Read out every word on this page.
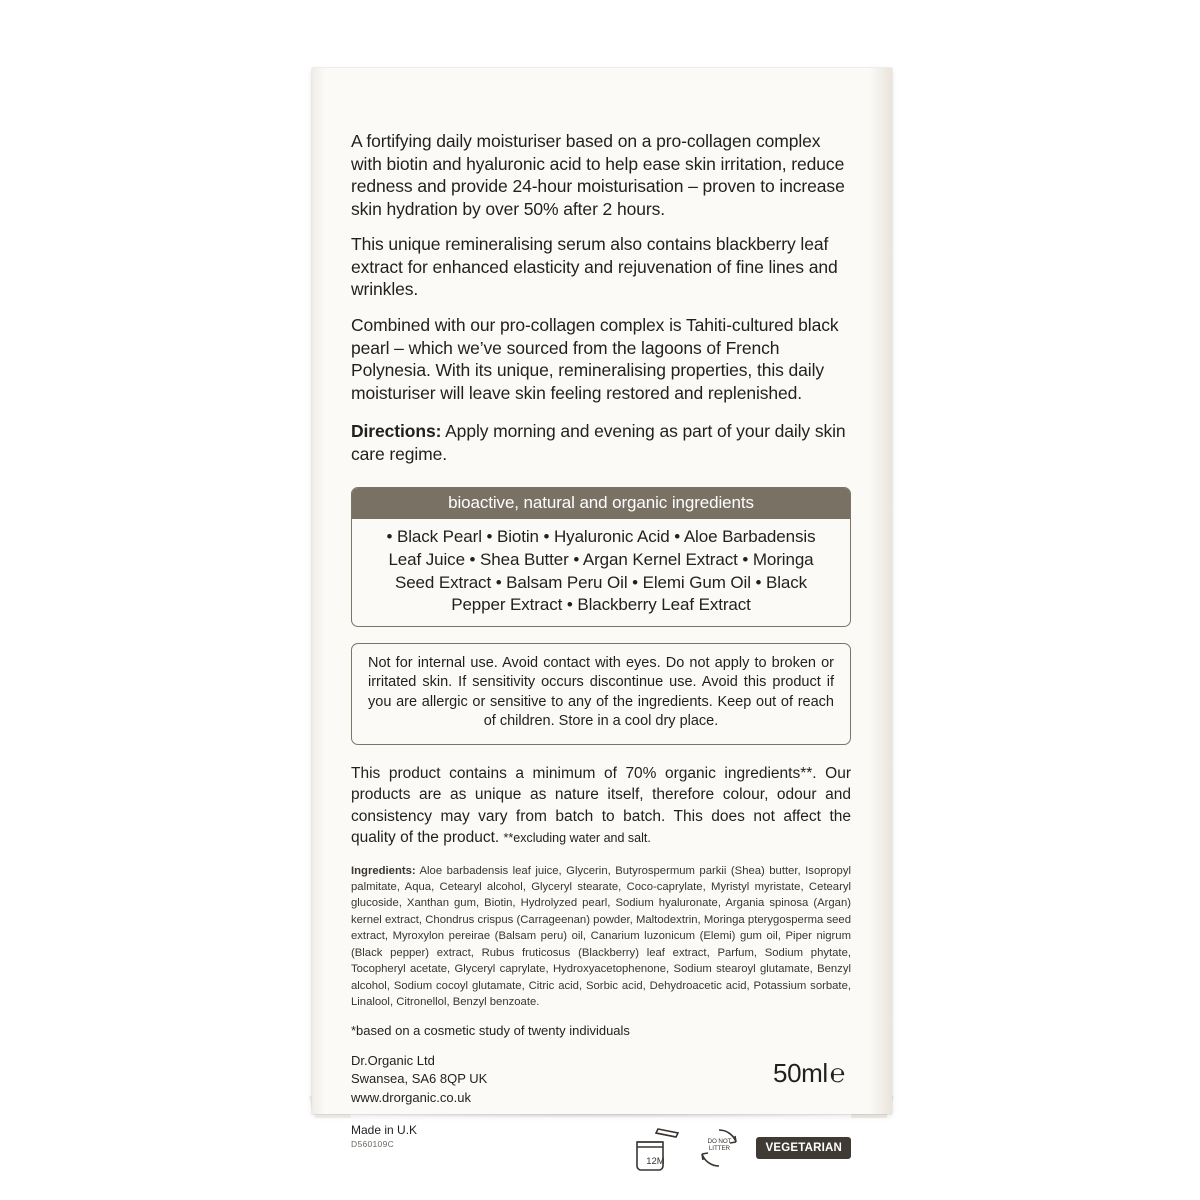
A fortifying daily moisturiser based on a pro-collagen complex with biotin and hyaluronic acid to help ease skin irritation, reduce redness and provide 24-hour moisturisation – proven to increase skin hydration by over 50% after 2 hours.

This unique remineralising serum also contains blackberry leaf extract for enhanced elasticity and rejuvenation of fine lines and wrinkles.

Combined with our pro-collagen complex is Tahiti-cultured black pearl – which we’ve sourced from the lagoons of French Polynesia. With its unique, remineralising properties, this daily moisturiser will leave skin feeling restored and replenished.

Directions: Apply morning and evening as part of your daily skin care regime.
bioactive, natural and organic ingredients
• Black Pearl • Biotin • Hyaluronic Acid • Aloe Barbadensis Leaf Juice • Shea Butter • Argan Kernel Extract • Moringa Seed Extract • Balsam Peru Oil • Elemi Gum Oil • Black Pepper Extract • Blackberry Leaf Extract
Not for internal use. Avoid contact with eyes. Do not apply to broken or irritated skin. If sensitivity occurs discontinue use. Avoid this product if you are allergic or sensitive to any of the ingredients. Keep out of reach of children. Store in a cool dry place.
This product contains a minimum of 70% organic ingredients**. Our products are as unique as nature itself, therefore colour, odour and consistency may vary from batch to batch. This does not affect the quality of the product. **excluding water and salt.
Ingredients: Aloe barbadensis leaf juice, Glycerin, Butyrospermum parkii (Shea) butter, Isopropyl palmitate, Aqua, Cetearyl alcohol, Glyceryl stearate, Coco-caprylate, Myristyl myristate, Cetearyl glucoside, Xanthan gum, Biotin, Hydrolyzed pearl, Sodium hyaluronate, Argania spinosa (Argan) kernel extract, Chondrus crispus (Carrageenan) powder, Maltodextrin, Moringa pterygosperma seed extract, Myroxylon pereirae (Balsam peru) oil, Canarium luzonicum (Elemi) gum oil, Piper nigrum (Black pepper) extract, Rubus fruticosus (Blackberry) leaf extract, Parfum, Sodium phytate, Tocopheryl acetate, Glyceryl caprylate, Hydroxyacetophenone, Sodium stearoyl glutamate, Benzyl alcohol, Sodium cocoyl glutamate, Citric acid, Sorbic acid, Dehydroacetic acid, Potassium sorbate, Linalool, Citronellol, Benzyl benzoate.
*based on a cosmetic study of twenty individuals
Dr.Organic Ltd
Swansea, SA6 8QP UK
www.drorganic.co.uk
Made in U.K
D560109C
50ml ℮
12M
DO NOT
LITTER	VEGETARIAN
